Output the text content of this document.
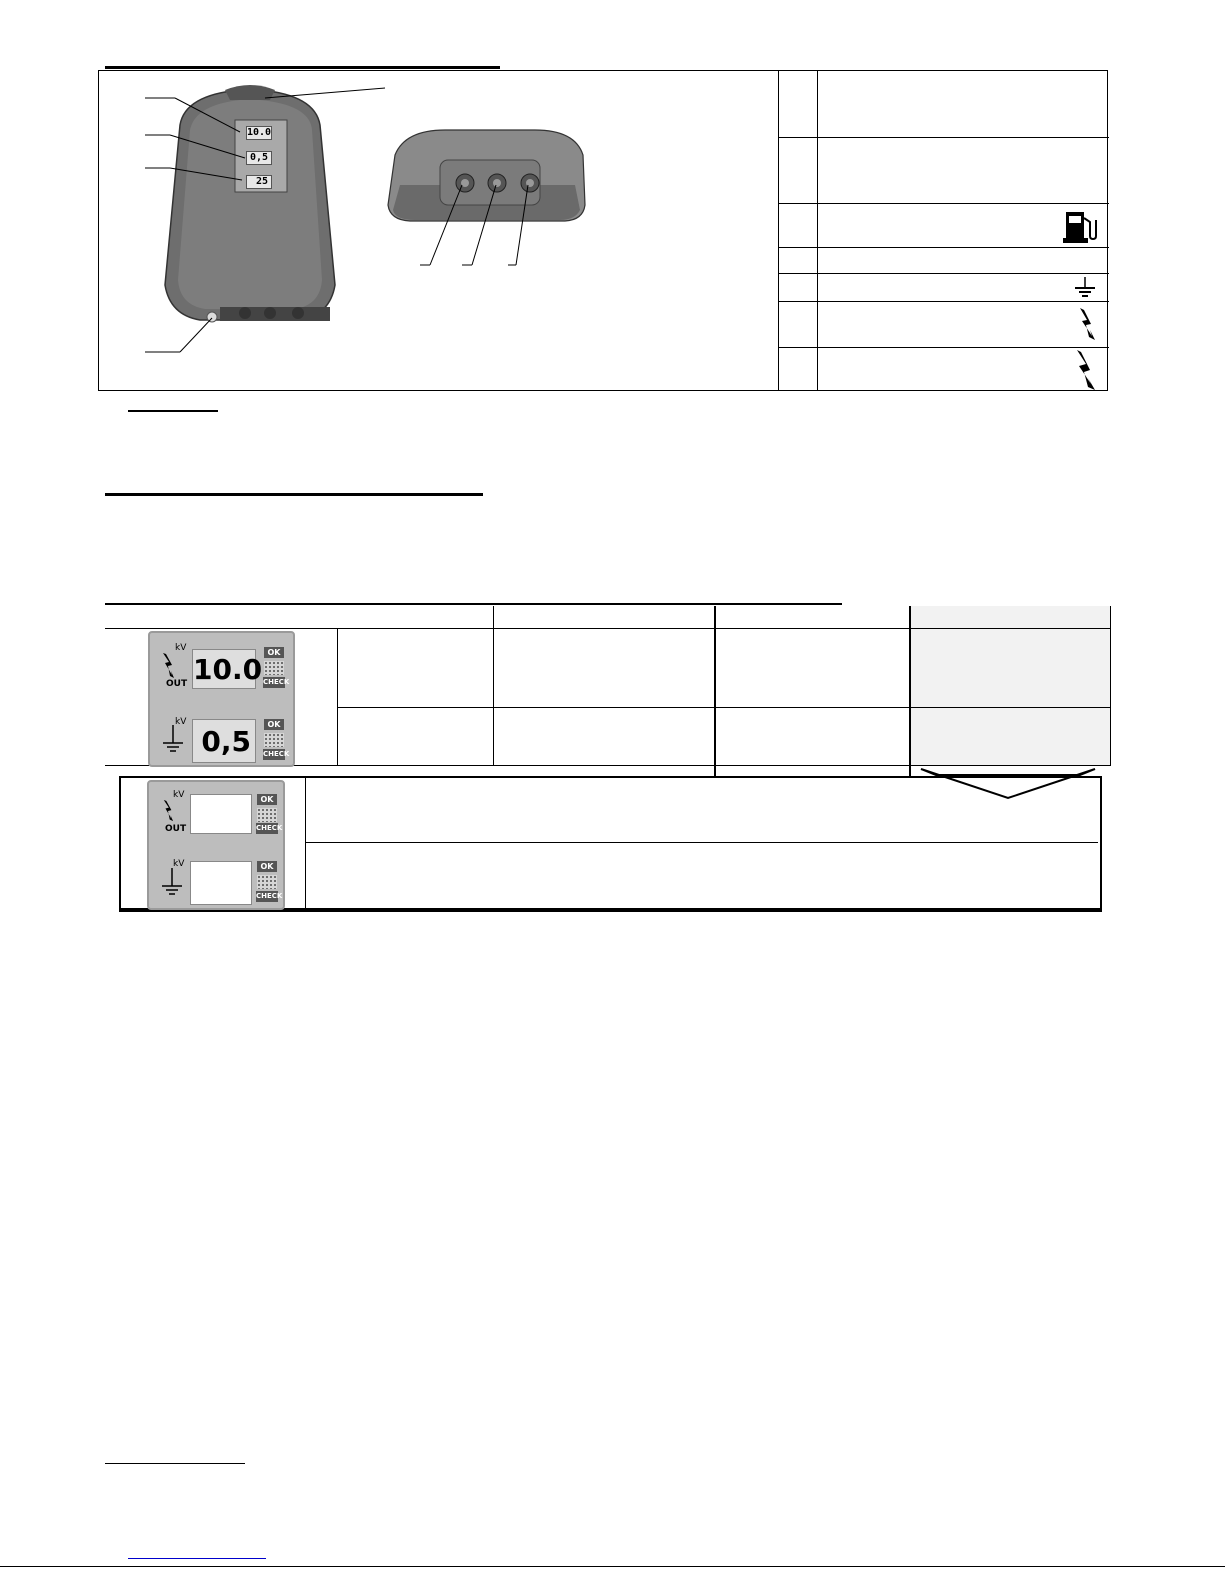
10.0
0,5
25
kV
OUT 10.0
OK
CHECK
kV
0,5
OK
CHECK
kV
OUT
OK
CHECK
kV	OK
CHECK
